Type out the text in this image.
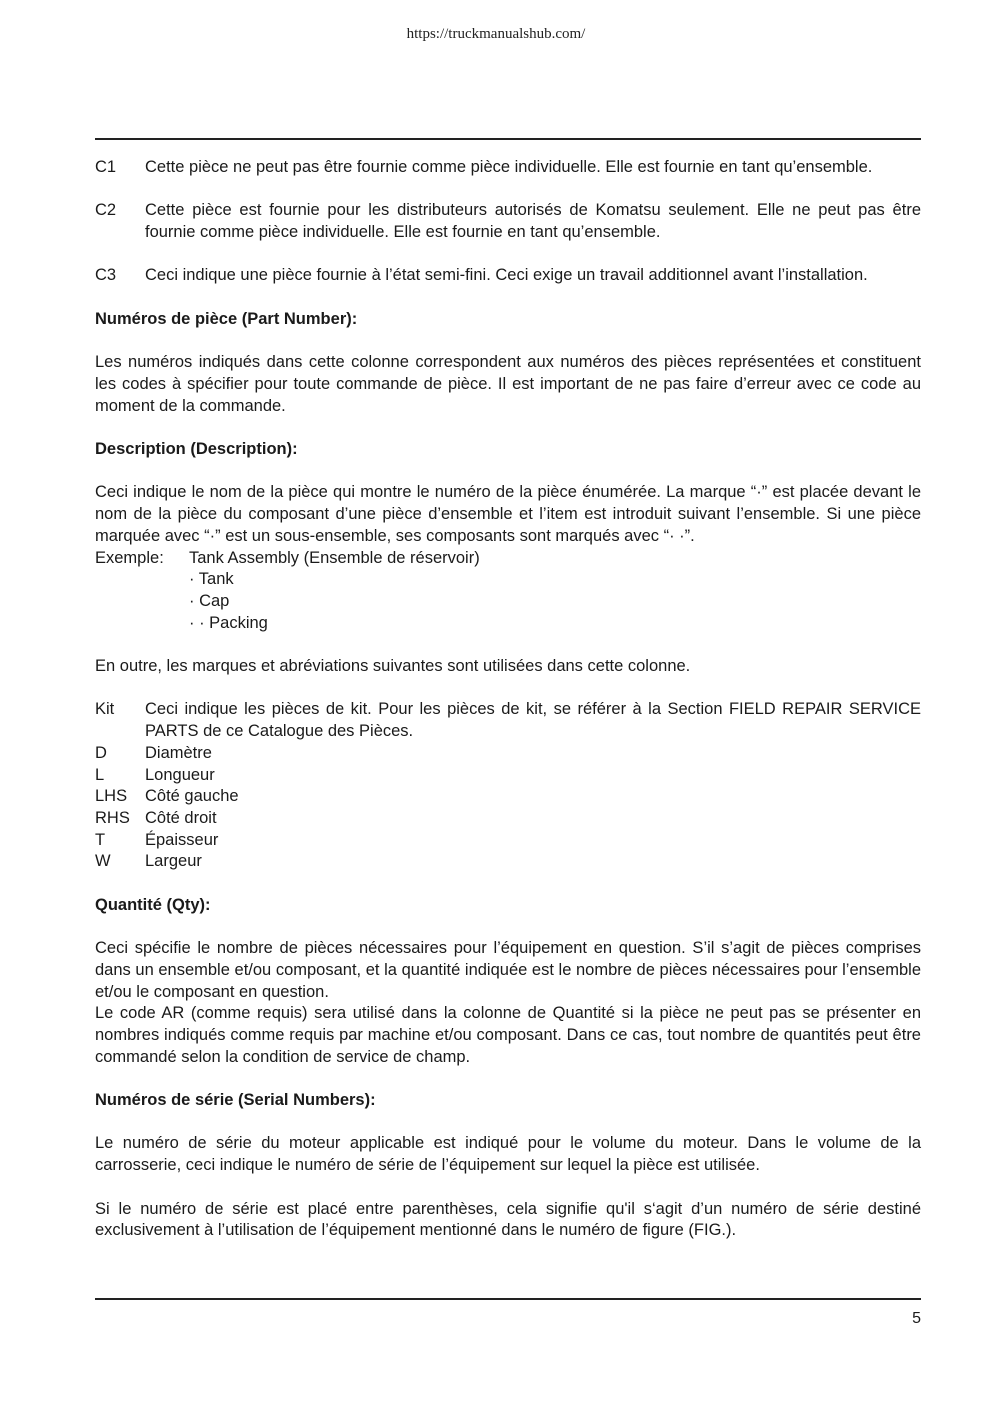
https://truckmanualshub.com/
C1	Cette pièce ne peut pas être fournie comme pièce individuelle. Elle est fournie en tant qu’ensemble.
C2	Cette pièce est fournie pour les distributeurs autorisés de Komatsu seulement. Elle ne peut pas être fournie comme pièce individuelle. Elle est fournie en tant qu’ensemble.
C3	Ceci indique une pièce fournie à l’état semi-fini. Ceci exige un travail additionnel avant l’installation.
Numéros de pièce (Part Number):

Les numéros indiqués dans cette colonne correspondent aux numéros des pièces représentées et constituent les codes à spécifier pour toute commande de pièce. Il est important de ne pas faire d’erreur avec ce code au moment de la commande.

Description (Description):

Ceci indique le nom de la pièce qui montre le numéro de la pièce énumérée. La marque “·” est placée devant le nom de la pièce du composant d’une pièce d’ensemble et l’item est introduit suivant l’ensemble. Si une pièce marquée avec “·” est un sous-ensemble, ses composants sont marqués avec “· ·”.

Exemple:	Tank Assembly (Ensemble de réservoir)
· Tank
· Cap
· · Packing

En outre, les marques et abréviations suivantes sont utilisées dans cette colonne.

Kit	Ceci indique les pièces de kit. Pour les pièces de kit, se référer à la Section FIELD REPAIR SERVICE PARTS de ce Catalogue des Pièces.
D	Diamètre
L	Longueur
LHS	Côté gauche
RHS Côté droit
T	Épaisseur
W	Largeur
Quantité (Qty):

Ceci spécifie le nombre de pièces nécessaires pour l’équipement en question. S’il s’agit de pièces comprises dans un ensemble et/ou composant, et la quantité indiquée est le nombre de pièces nécessaires pour l’ensemble et/ou le composant en question.

Le code AR (comme requis) sera utilisé dans la colonne de Quantité si la pièce ne peut pas se présenter en nombres indiqués comme requis par machine et/ou composant. Dans ce cas, tout nombre de quantités peut être commandé selon la condition de service de champ.

Numéros de série (Serial Numbers):

Le numéro de série du moteur applicable est indiqué pour le volume du moteur. Dans le volume de la carrosserie, ceci indique le numéro de série de l’équipement sur lequel la pièce est utilisée.

Si le numéro de série est placé entre parenthèses, cela signifie qu'il s‘agit d’un numéro de série destiné exclusivement à l’utilisation de l’équipement mentionné dans le numéro de figure (FIG.).

5
